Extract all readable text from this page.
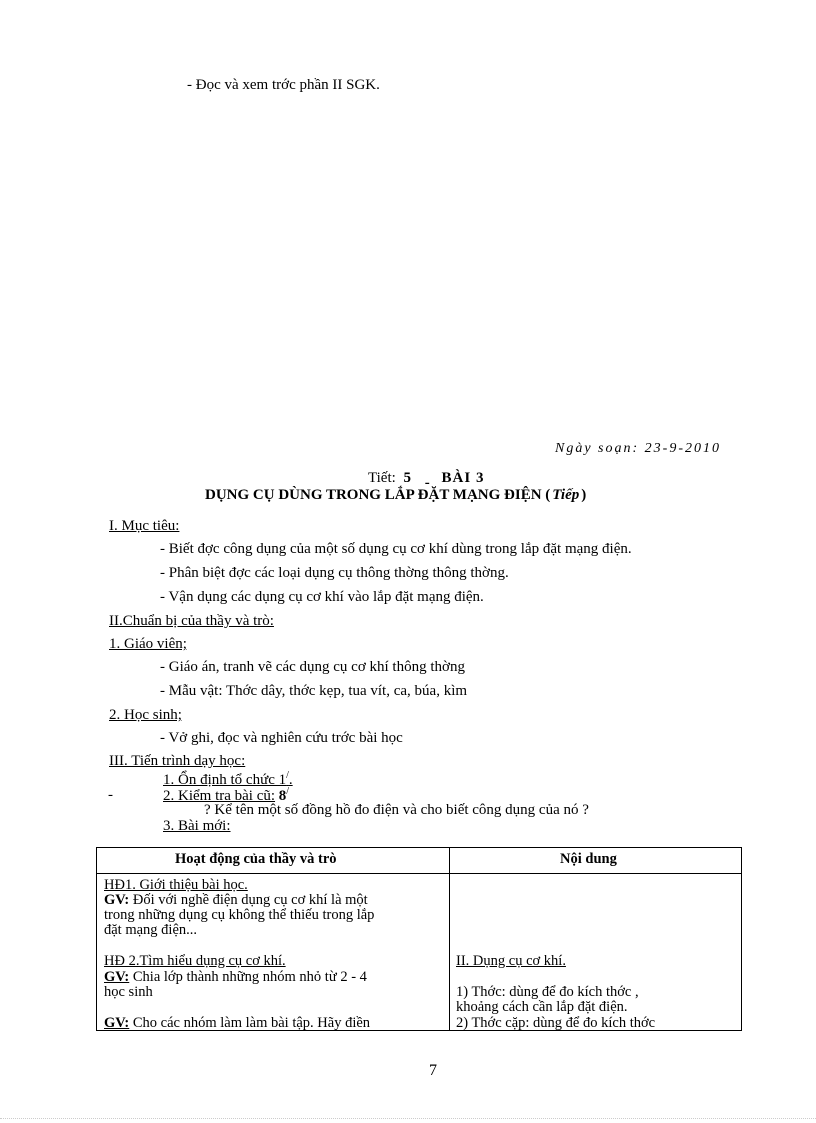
- Đọc và xem trớc phần II SGK.
Ngày soạn: 23-9-2010
Tiết: 5 - BÀI 3
DỤNG CỤ DÙNG TRONG LẮP ĐẶT MẠNG ĐIỆN ( Tiếp )
I. Mục tiêu:
- Biết đợc công dụng của một số dụng cụ cơ khí dùng trong lắp đặt mạng điện.
- Phân biệt đợc các loại dụng cụ thông thờng thông thờng.
- Vận dụng các dụng cụ cơ khí vào lắp đặt mạng điện.
II.Chuẩn bị của thầy và trò:
1. Giáo viên;
- Giáo án, tranh vẽ các dụng cụ cơ khí thông thờng
- Mẫu vật: Thớc dây, thớc kẹp, tua vít, ca, búa, kìm
2. Học sinh;
- Vở ghi, đọc và nghiên cứu trớc bài học
III. Tiến trình dạy học:
1. Ổn định tổ chức 1/.
-	2. Kiểm tra bài cũ: 8/
? Kể tên một số đồng hồ đo điện và cho biết công dụng của nó ?
3. Bài mới:
Hoạt động của thầy và trò	Nội dung
HĐ1. Giới thiệu bài học.
GV: Đối với nghề điện dụng cụ cơ khí là một
trong những dụng cụ không thể thiếu trong lắp
đặt mạng điện...
HĐ 2.Tìm hiểu dụng cụ cơ khí.
GV: Chia lớp thành những nhóm nhỏ từ 2 - 4
học sinh
GV: Cho các nhóm làm làm bài tập. Hãy điền
II. Dụng cụ cơ khí.
1) Thớc: dùng để đo kích thớc ,
khoảng cách cần lắp đặt điện.
2) Thớc cặp: dùng để đo kích thớc
7
